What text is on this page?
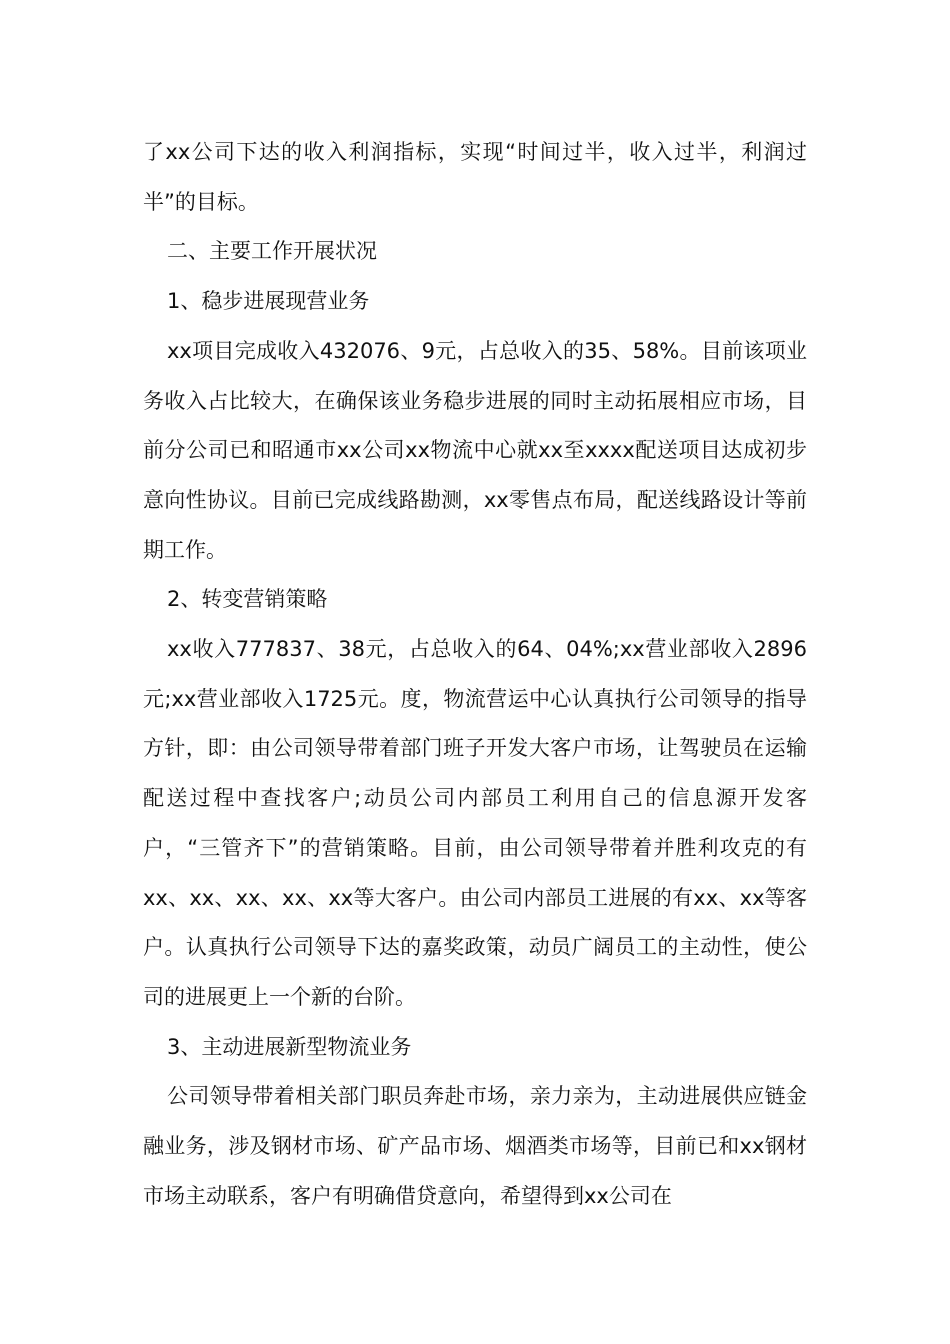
了xx公司下达的收入利润指标，实现“时间过半，收入过半，利润过半”的目标。

二、主要工作开展状况

1、稳步进展现营业务

xx项目完成收入432076、9元，占总收入的35、58%。目前该项业务收入占比较大，在确保该业务稳步进展的同时主动拓展相应市场，目前分公司已和昭通市xx公司xx物流中心就xx至xxxx配送项目达成初步意向性协议。目前已完成线路勘测，xx零售点布局，配送线路设计等前期工作。

2、转变营销策略

xx收入777837、38元，占总收入的64、04%;xx营业部收入2896元;xx营业部收入1725元。度，物流营运中心认真执行公司领导的指导方针，即：由公司领导带着部门班子开发大客户市场，让驾驶员在运输配送过程中查找客户;动员公司内部员工利用自己的信息源开发客户，“三管齐下”的营销策略。目前，由公司领导带着并胜利攻克的有xx、xx、xx、xx、xx等大客户。由公司内部员工进展的有xx、xx等客户。认真执行公司领导下达的嘉奖政策，动员广阔员工的主动性，使公司的进展更上一个新的台阶。

3、主动进展新型物流业务

公司领导带着相关部门职员奔赴市场，亲力亲为，主动进展供应链金融业务，涉及钢材市场、矿产品市场、烟酒类市场等，目前已和xx钢材市场主动联系，客户有明确借贷意向，希望得到xx公司在
